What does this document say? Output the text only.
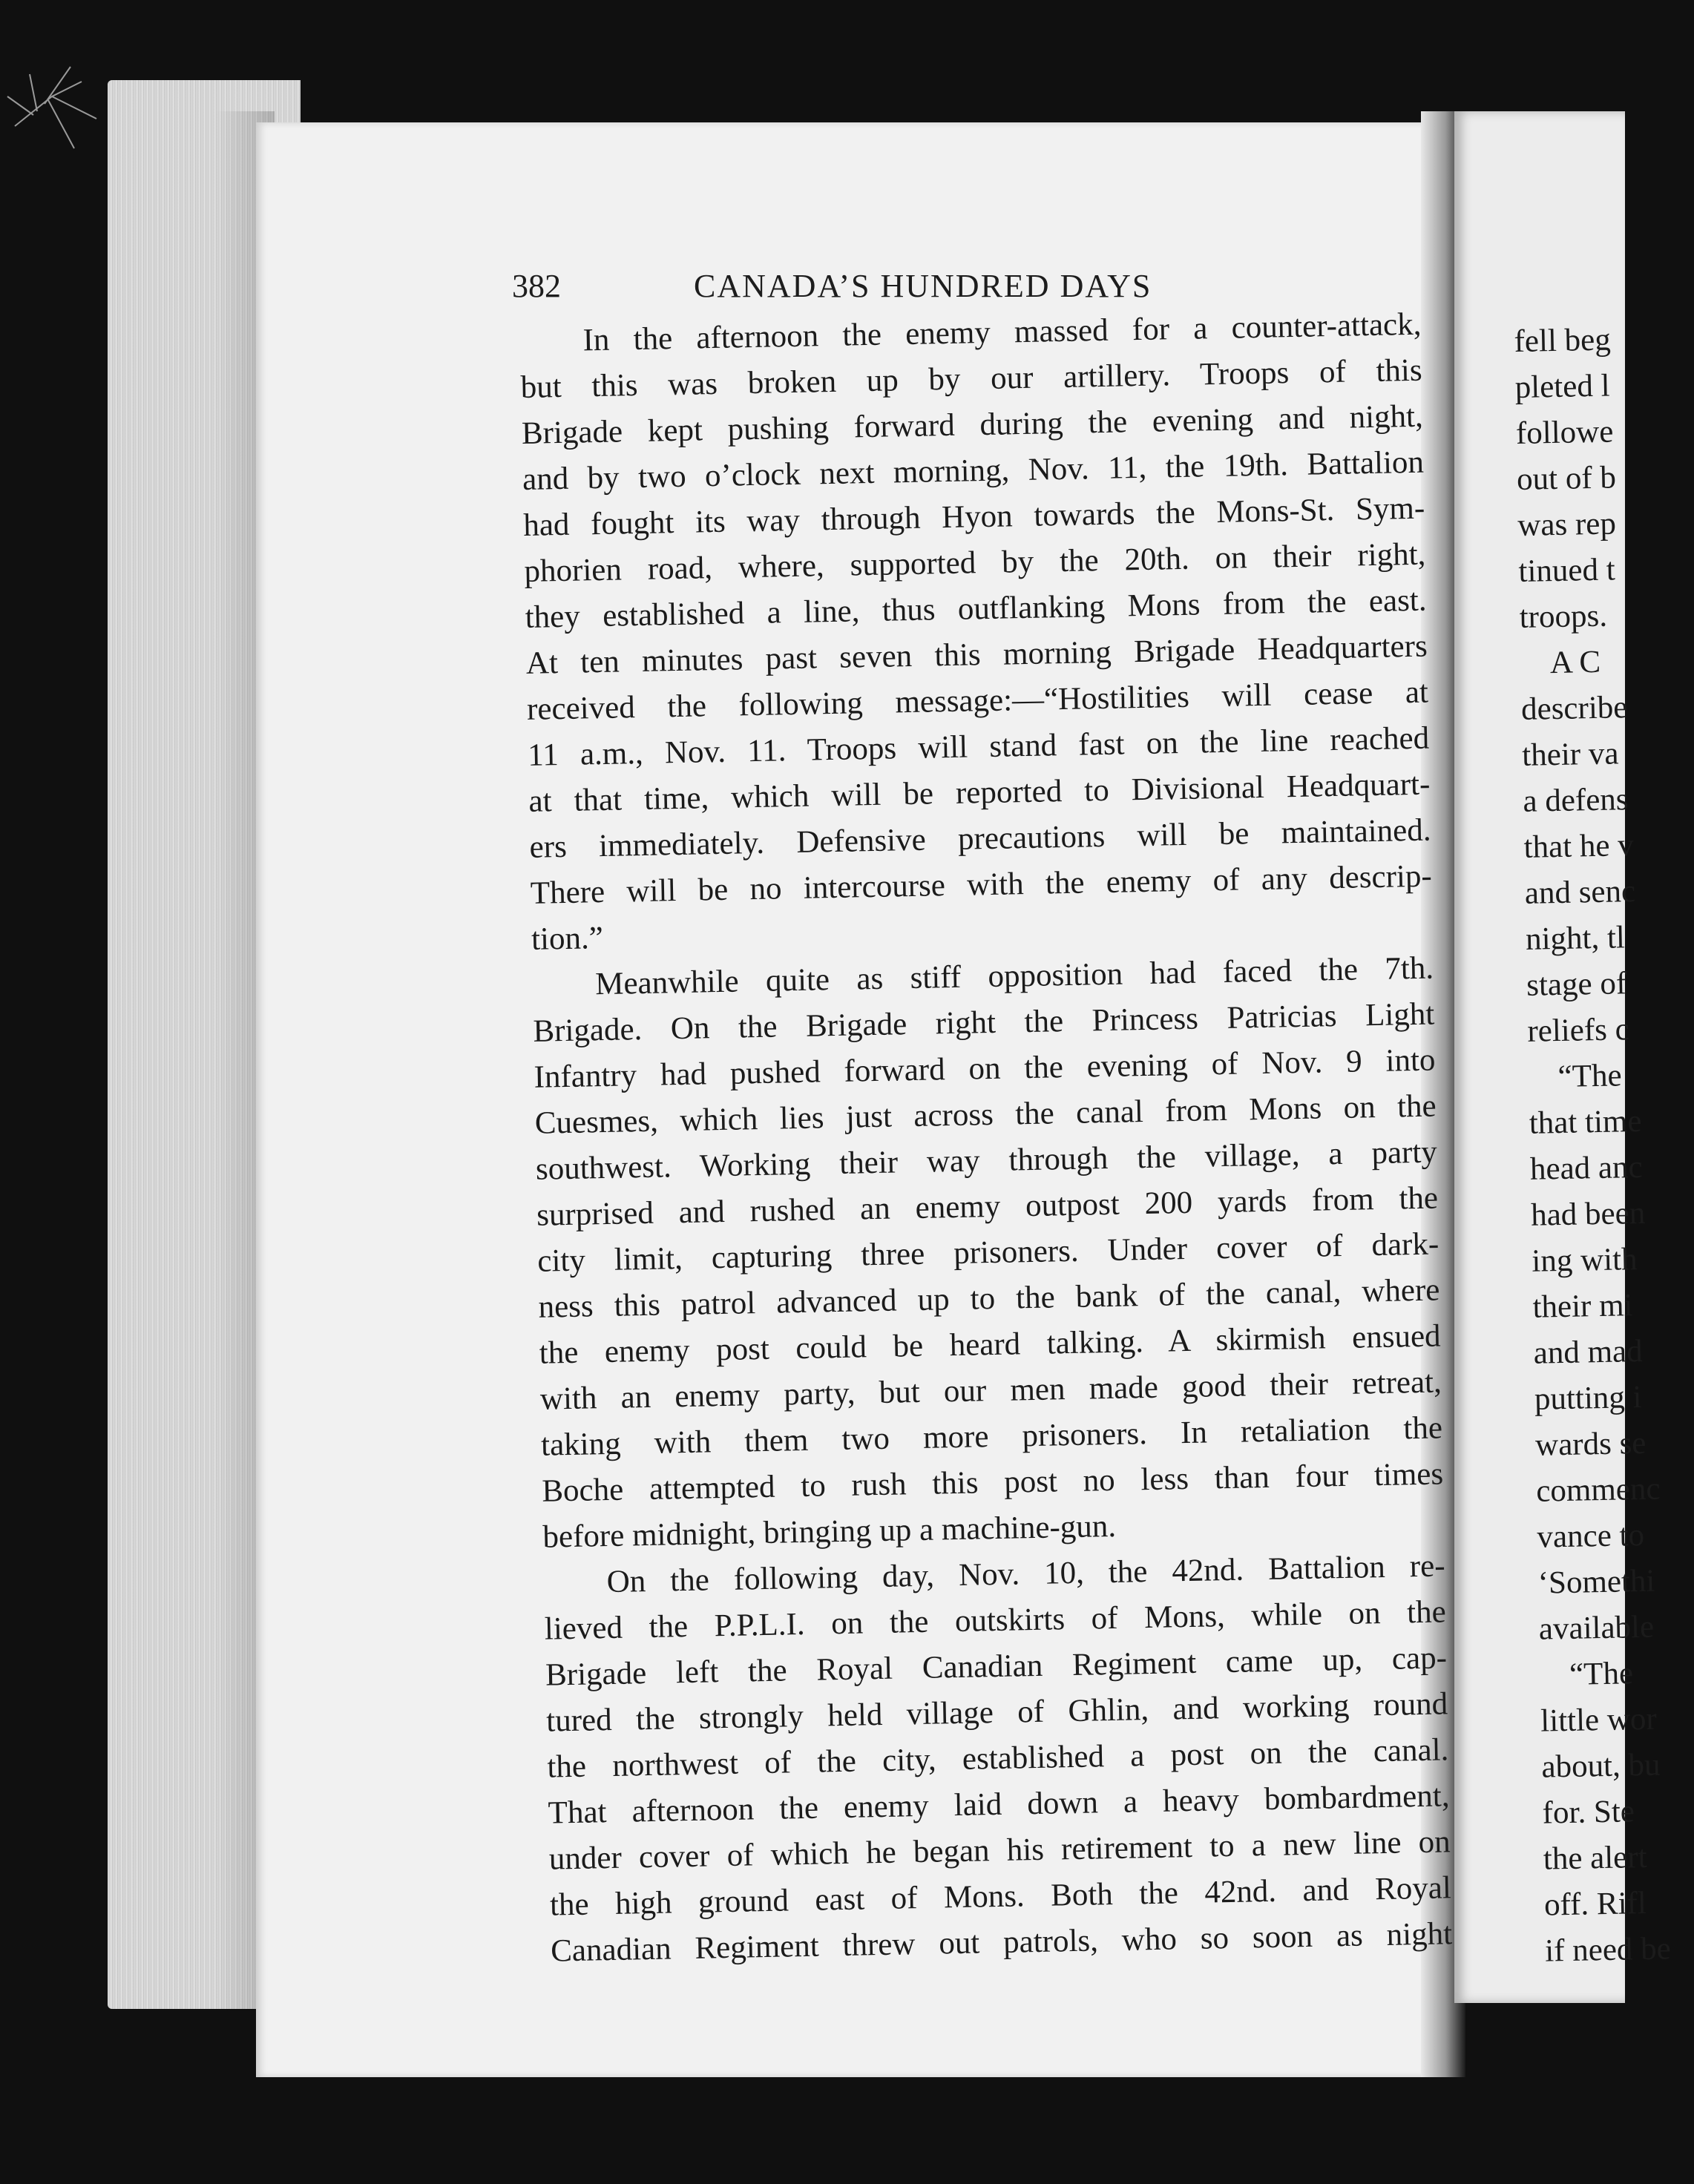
382	CANADA’S HUNDRED DAYS
In the afternoon the enemy massed for a counter-attack,
but this was broken up by our artillery. Troops of this
Brigade kept pushing forward during the evening and night,
and by two o’clock next morning, Nov. 11, the 19th. Battalion
had fought its way through Hyon towards the Mons-St. Sym-
phorien road, where, supported by the 20th. on their right,
they established a line, thus outflanking Mons from the east.
At ten minutes past seven this morning Brigade Headquarters
received the following message:—“Hostilities will cease at
11 a.m., Nov. 11. Troops will stand fast on the line reached
at that time, which will be reported to Divisional Headquart-
ers immediately. Defensive precautions will be maintained.
There will be no intercourse with the enemy of any descrip-
tion.”
Meanwhile quite as stiff opposition had faced the 7th.
Brigade. On the Brigade right the Princess Patricias Light
Infantry had pushed forward on the evening of Nov. 9 into
Cuesmes, which lies just across the canal from Mons on the
southwest. Working their way through the village, a party
surprised and rushed an enemy outpost 200 yards from the
city limit, capturing three prisoners. Under cover of dark-
ness this patrol advanced up to the bank of the canal, where
the enemy post could be heard talking. A skirmish ensued
with an enemy party, but our men made good their retreat,
taking with them two more prisoners. In retaliation the
Boche attempted to rush this post no less than four times
before midnight, bringing up a machine-gun.
On the following day, Nov. 10, the 42nd. Battalion re-
lieved the P.P.L.I. on the outskirts of Mons, while on the
Brigade left the Royal Canadian Regiment came up, cap-
tured the strongly held village of Ghlin, and working round
the northwest of the city, established a post on the canal.
That afternoon the enemy laid down a heavy bombardment,
under cover of which he began his retirement to a new line on
the high ground east of Mons. Both the 42nd. and Royal
Canadian Regiment threw out patrols, who so soon as night
fell beg
pleted l
followe
out of b
was rep
tinued t
troops.
A C
describe
their va
a defens
that he v
and senc
night, tl
stage of
reliefs c
“The
that time
head anc
had been
ing with
their mi
and mad
putting i
wards se
commenc
vance to
‘Somethi
available
“The
little wor
about, bu
for. Ste
the alert
off. Rifl
if need be
